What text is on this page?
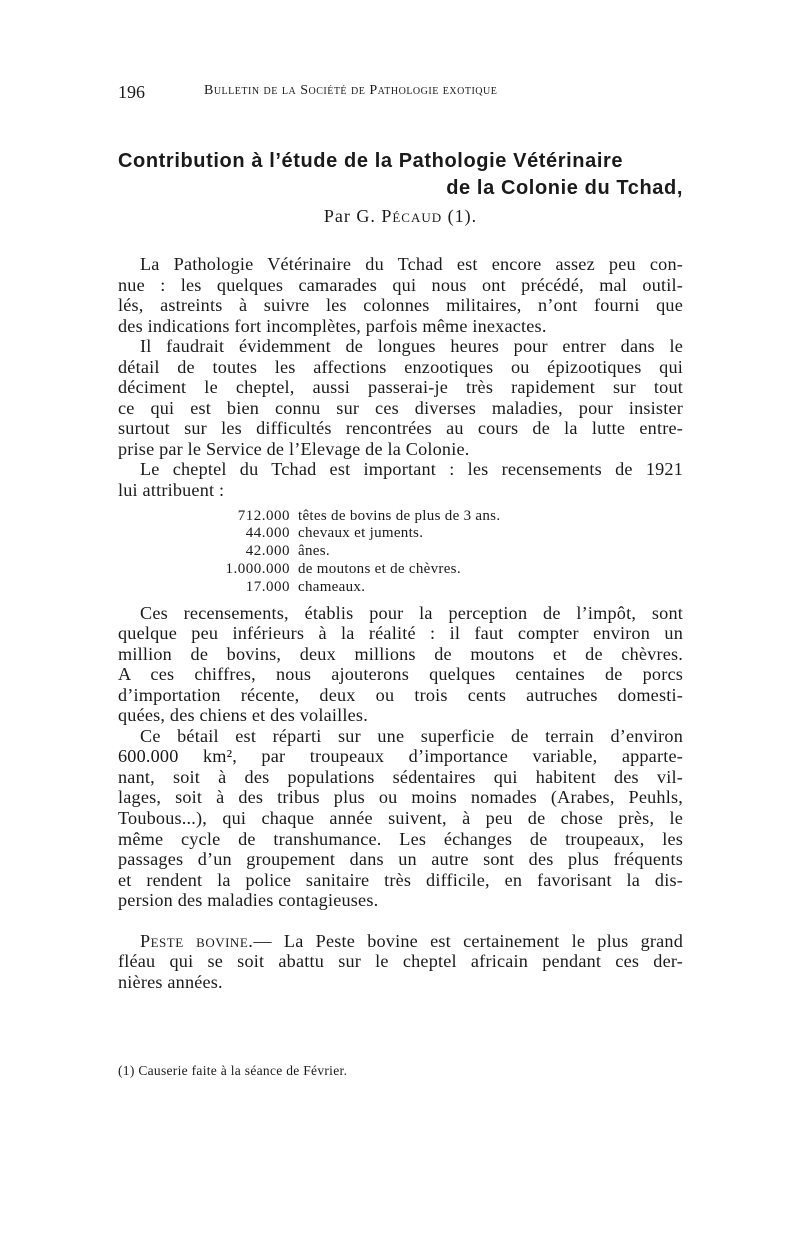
196	Bulletin de la Société de Pathologie exotique
Contribution à l’étude de la Pathologie Vétérinaire
de la Colonie du Tchad,
Par G. Pécaud (1).
La Pathologie Vétérinaire du Tchad est encore assez peu con-
nue : les quelques camarades qui nous ont précédé, mal outil-
lés, astreints à suivre les colonnes militaires, n’ont fourni que
des indications fort incomplètes, parfois même inexactes.
Il faudrait évidemment de longues heures pour entrer dans le
détail de toutes les affections enzootiques ou épizootiques qui
déciment le cheptel, aussi passerai-je très rapidement sur tout
ce qui est bien connu sur ces diverses maladies, pour insister
surtout sur les difficultés rencontrées au cours de la lutte entre-
prise par le Service de l’Elevage de la Colonie.
Le cheptel du Tchad est important : les recensements de 1921
lui attribuent :
712.000 têtes de bovins de plus de 3 ans.
44.000 chevaux et juments.
42.000 ânes.
1.000.000 de moutons et de chèvres.
17.000 chameaux.
Ces recensements, établis pour la perception de l’impôt, sont
quelque peu inférieurs à la réalité : il faut compter environ un
million de bovins, deux millions de moutons et de chèvres.
A ces chiffres, nous ajouterons quelques centaines de porcs
d’importation récente, deux ou trois cents autruches domesti-
quées, des chiens et des volailles.
Ce bétail est réparti sur une superficie de terrain d’environ
600.000 km², par troupeaux d’importance variable, apparte-
nant, soit à des populations sédentaires qui habitent des vil-
lages, soit à des tribus plus ou moins nomades (Arabes, Peuhls,
Toubous...), qui chaque année suivent, à peu de chose près, le
même cycle de transhumance. Les échanges de troupeaux, les
passages d’un groupement dans un autre sont des plus fréquents
et rendent la police sanitaire très difficile, en favorisant la dis-
persion des maladies contagieuses.
Peste bovine.— La Peste bovine est certainement le plus grand
fléau qui se soit abattu sur le cheptel africain pendant ces der-
nières années.
(1) Causerie faite à la séance de Février.
